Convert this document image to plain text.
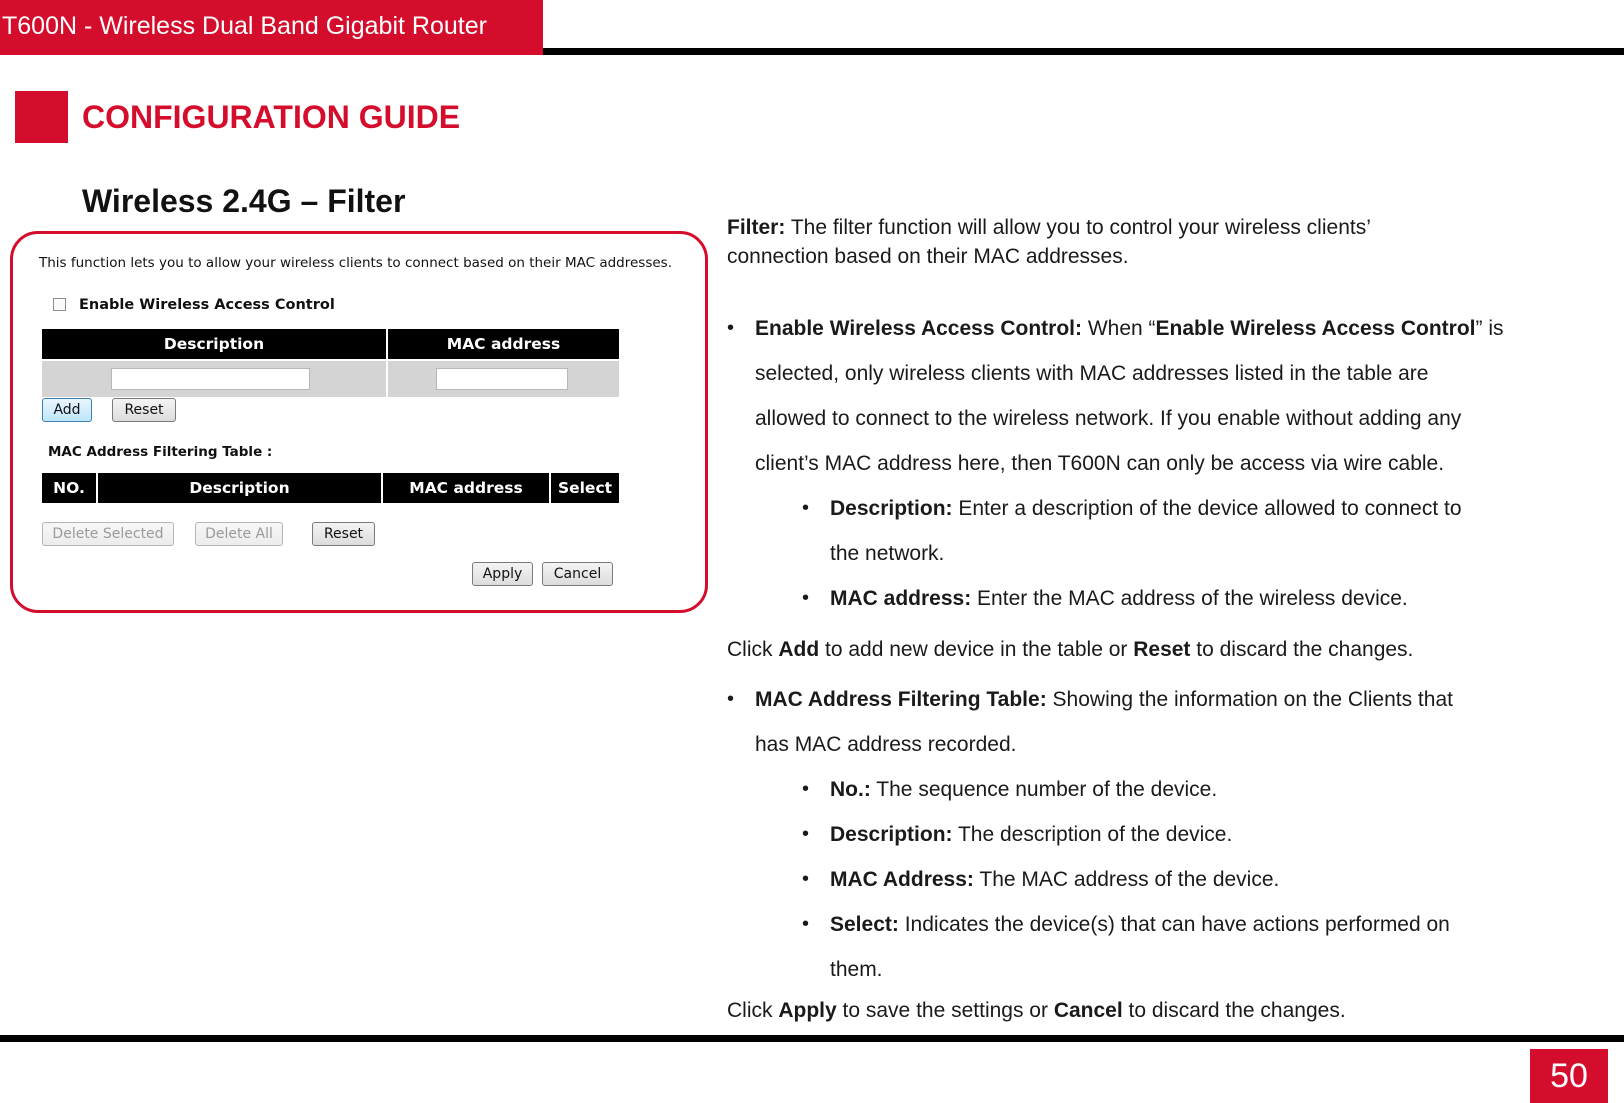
T600N - Wireless Dual Band Gigabit Router
CONFIGURATION GUIDE
Wireless 2.4G – Filter
This function lets you to allow your wireless clients to connect based on their MAC addresses.
Enable Wireless Access Control
Description	MAC address
Add	Reset
MAC Address Filtering Table :
NO.	Description	MAC address	Select
Delete Selected	Delete All	Reset
Apply	Cancel
Filter: The filter function will allow you to control your wireless clients’
connection based on their MAC addresses.
• Enable Wireless Access Control: When “Enable Wireless Access Control” is
selected, only wireless clients with MAC addresses listed in the table are
allowed to connect to the wireless network. If you enable without adding any
client’s MAC address here, then T600N can only be access via wire cable.
• Description: Enter a description of the device allowed to connect to
the network.
• MAC address: Enter the MAC address of the wireless device.
Click Add to add new device in the table or Reset to discard the changes.
• MAC Address Filtering Table: Showing the information on the Clients that
has MAC address recorded.
• No.: The sequence number of the device.
• Description: The description of the device.
• MAC Address: The MAC address of the device.
• Select: Indicates the device(s) that can have actions performed on
them.
Click Apply to save the settings or Cancel to discard the changes.
50
